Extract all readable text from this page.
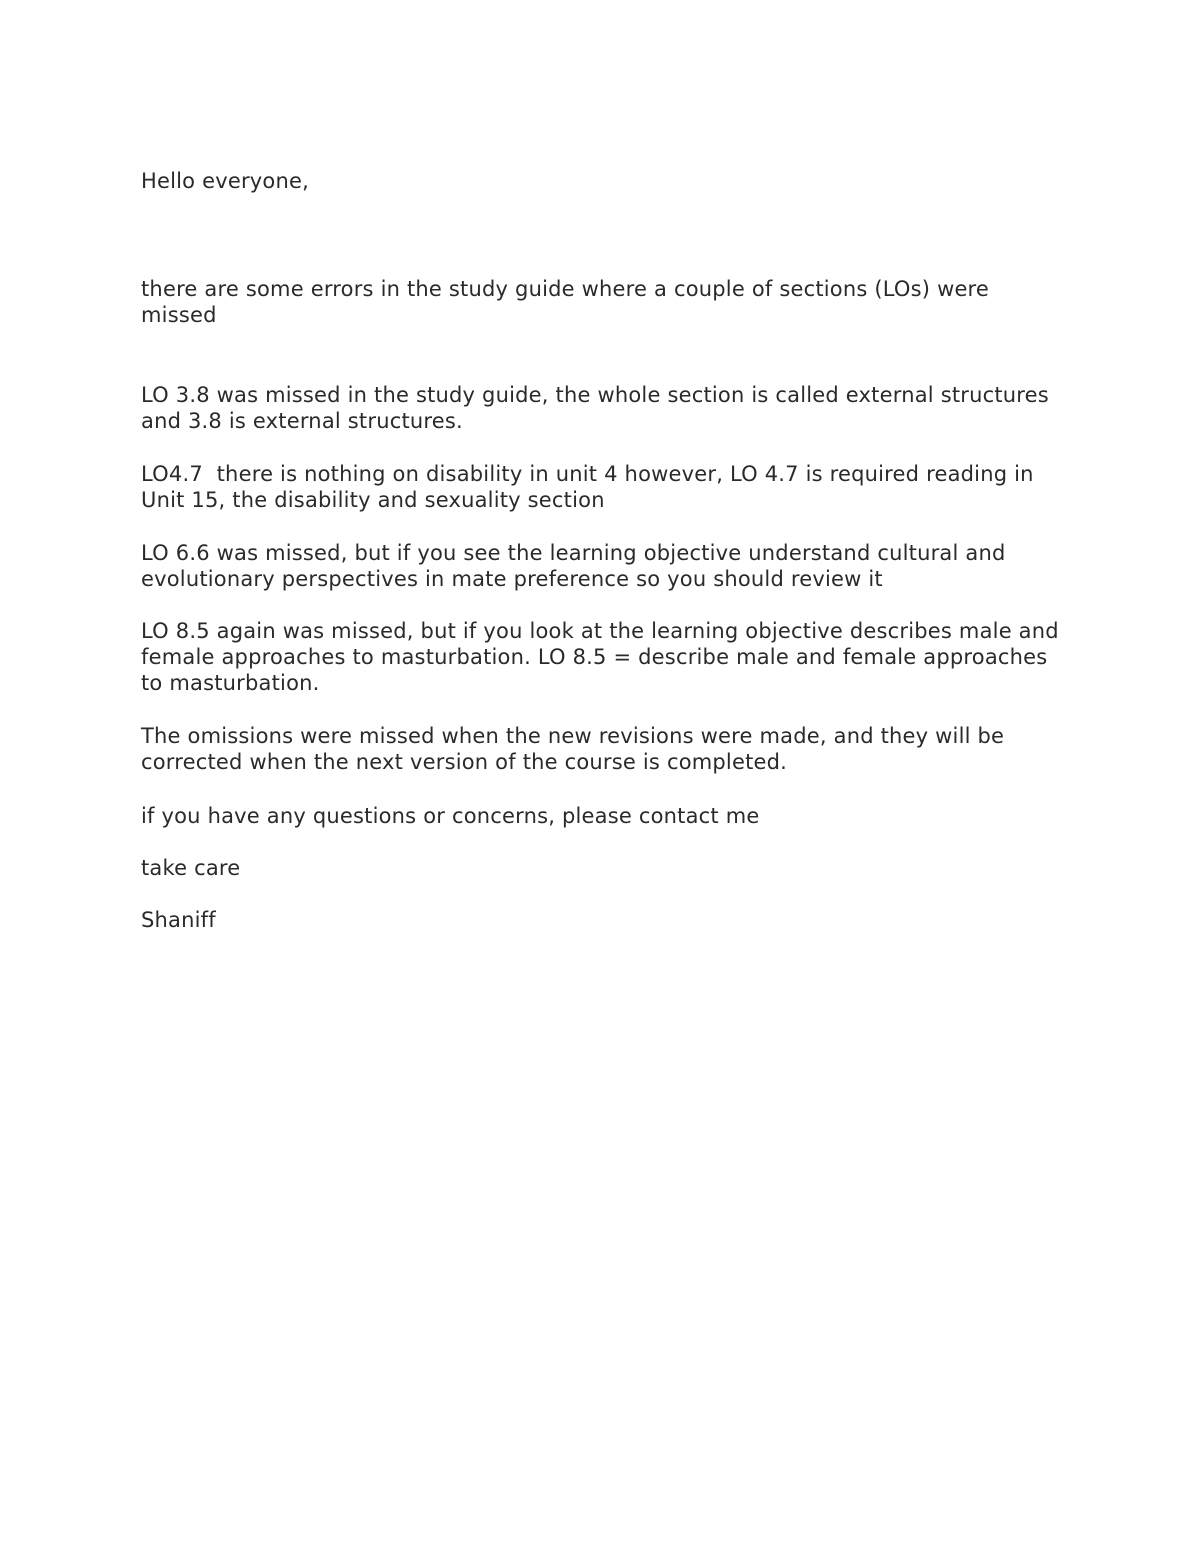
Hello everyone,

there are some errors in the study guide where a couple of sections (LOs) were missed

LO 3.8 was missed in the study guide, the whole section is called external structures and 3.8 is external structures.

LO4.7  there is nothing on disability in unit 4 however, LO 4.7 is required reading in Unit 15, the disability and sexuality section

LO 6.6 was missed, but if you see the learning objective understand cultural and evolutionary perspectives in mate preference so you should review it

LO 8.5 again was missed, but if you look at the learning objective describes male and female approaches to masturbation. LO 8.5 = describe male and female approaches to masturbation.

The omissions were missed when the new revisions were made, and they will be corrected when the next version of the course is completed.

if you have any questions or concerns, please contact me

take care

Shaniff
